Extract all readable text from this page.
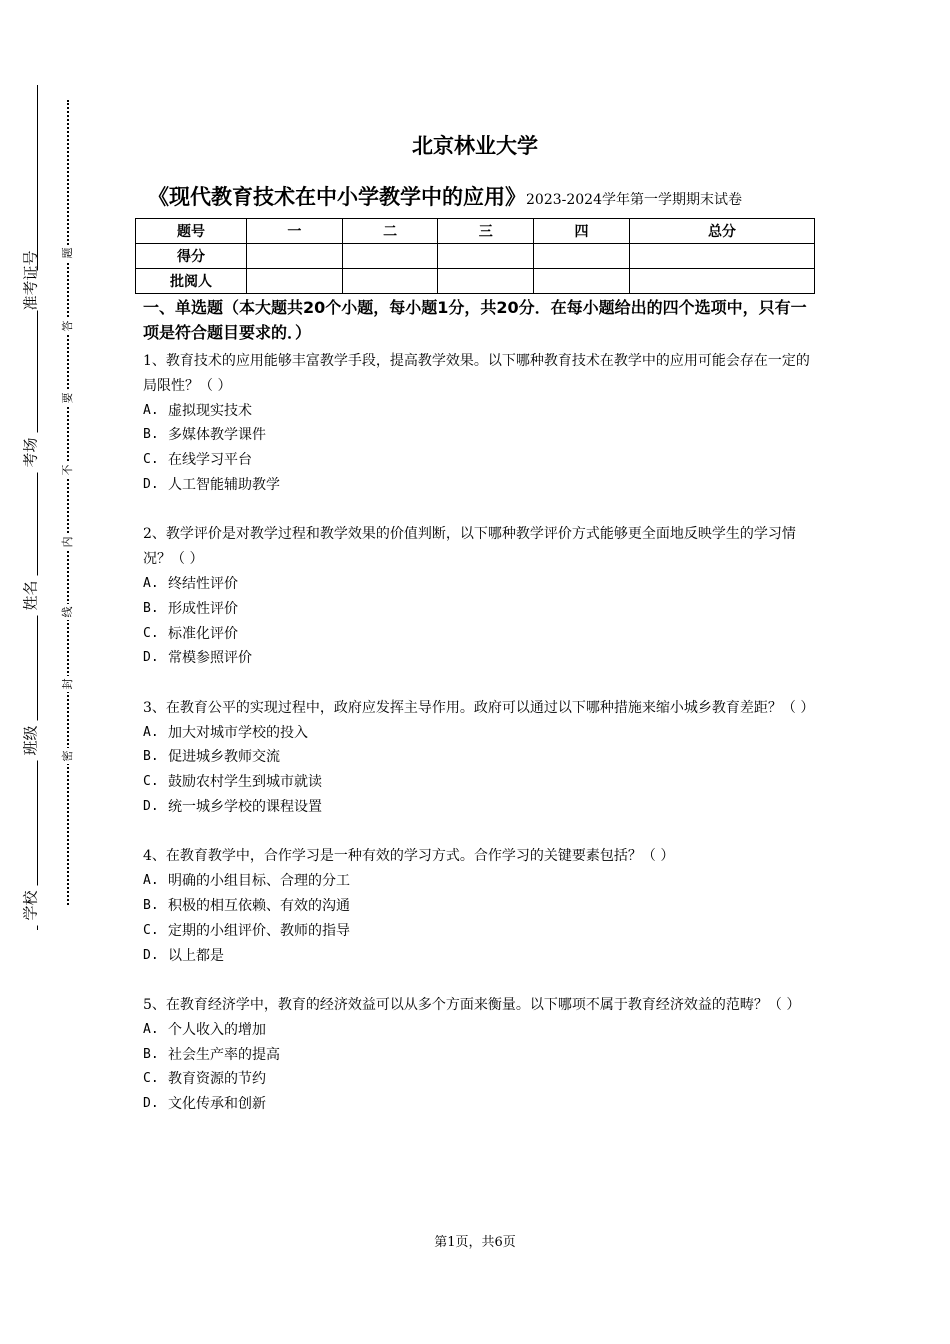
准考证号
考场
姓名
班级
学校
题
答
要
不
内
线
封
密
北京林业大学
《现代教育技术在中小学教学中的应用》2023-2024学年第一学期期末试卷
题号	一	二	三	四	总分
得分					
批阅人					
一、单选题（本大题共20个小题，每小题1分，共20分．在每小题给出的四个选项中，只有一项是符合题目要求的．）
1、教育技术的应用能够丰富教学手段，提高教学效果。以下哪种教育技术在教学中的应用可能会存在一定的局限性？（ ）
A. 虚拟现实技术
B. 多媒体教学课件
C. 在线学习平台
D. 人工智能辅助教学
2、教学评价是对教学过程和教学效果的价值判断，以下哪种教学评价方式能够更全面地反映学生的学习情况？（ ）
A. 终结性评价
B. 形成性评价
C. 标准化评价
D. 常模参照评价
3、在教育公平的实现过程中，政府应发挥主导作用。政府可以通过以下哪种措施来缩小城乡教育差距？（ ）
A. 加大对城市学校的投入
B. 促进城乡教师交流
C. 鼓励农村学生到城市就读
D. 统一城乡学校的课程设置
4、在教育教学中，合作学习是一种有效的学习方式。合作学习的关键要素包括？（ ）
A. 明确的小组目标、合理的分工
B. 积极的相互依赖、有效的沟通
C. 定期的小组评价、教师的指导
D. 以上都是
5、在教育经济学中，教育的经济效益可以从多个方面来衡量。以下哪项不属于教育经济效益的范畴？（ ）
A. 个人收入的增加
B. 社会生产率的提高
C. 教育资源的节约
D. 文化传承和创新
第1页，共6页
